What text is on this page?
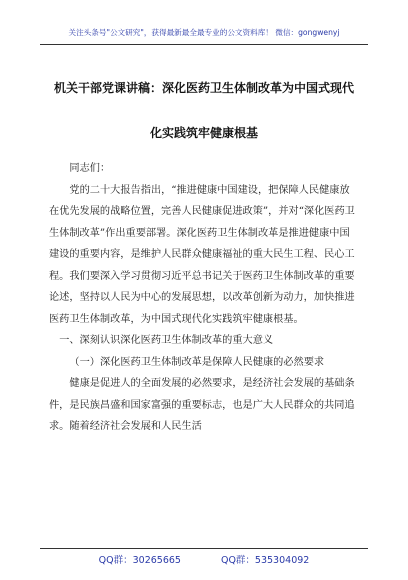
关注头条号"公文研究"，获得最新最全最专业的公文资料库！ 微信：gongwenyj
机关干部党课讲稿：深化医药卫生体制改革为中国式现代
化实践筑牢健康根基

同志们：

党的二十大报告指出，“推进健康中国建设，把保障人民健康放在优先发展的战略位置，完善人民健康促进政策”，并对“深化医药卫生体制改革”作出重要部署。深化医药卫生体制改革是推进健康中国建设的重要内容，是维护人民群众健康福祉的重大民生工程、民心工程。我们要深入学习贯彻习近平总书记关于医药卫生体制改革的重要论述，坚持以人民为中心的发展思想，以改革创新为动力，加快推进医药卫生体制改革，为中国式现代化实践筑牢健康根基。

一、深刻认识深化医药卫生体制改革的重大意义

（一）深化医药卫生体制改革是保障人民健康的必然要求

健康是促进人的全面发展的必然要求，是经济社会发展的基础条件，是民族昌盛和国家富强的重要标志，也是广大人民群众的共同追求。随着经济社会发展和人民生活

QQ群：30265665	QQ群：535304092
